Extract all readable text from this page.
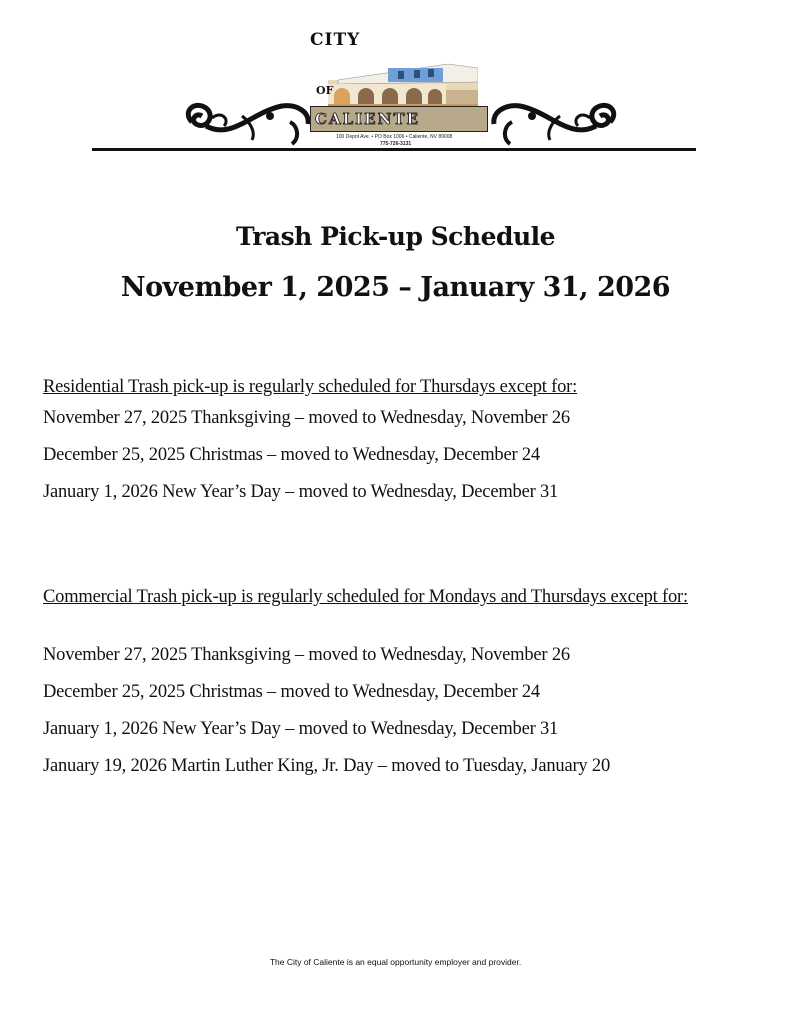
CITY
OF
CALIENTE
100 Depot Ave. • PO Box 1006 • Caliente, NV 89008
775-726-3131
Trash Pick-up Schedule
November 1, 2025 – January 31, 2026
Residential Trash pick-up is regularly scheduled for Thursdays except for:
November 27, 2025 Thanksgiving – moved to Wednesday, November 26
December 25, 2025 Christmas – moved to Wednesday, December 24
January 1, 2026 New Year’s Day – moved to Wednesday, December 31
Commercial Trash pick-up is regularly scheduled for Mondays and Thursdays except for:
November 27, 2025 Thanksgiving – moved to Wednesday, November 26
December 25, 2025 Christmas – moved to Wednesday, December 24
January 1, 2026 New Year’s Day – moved to Wednesday, December 31
January 19, 2026 Martin Luther King, Jr. Day – moved to Tuesday, January 20
The City of Caliente is an equal opportunity employer and provider.
